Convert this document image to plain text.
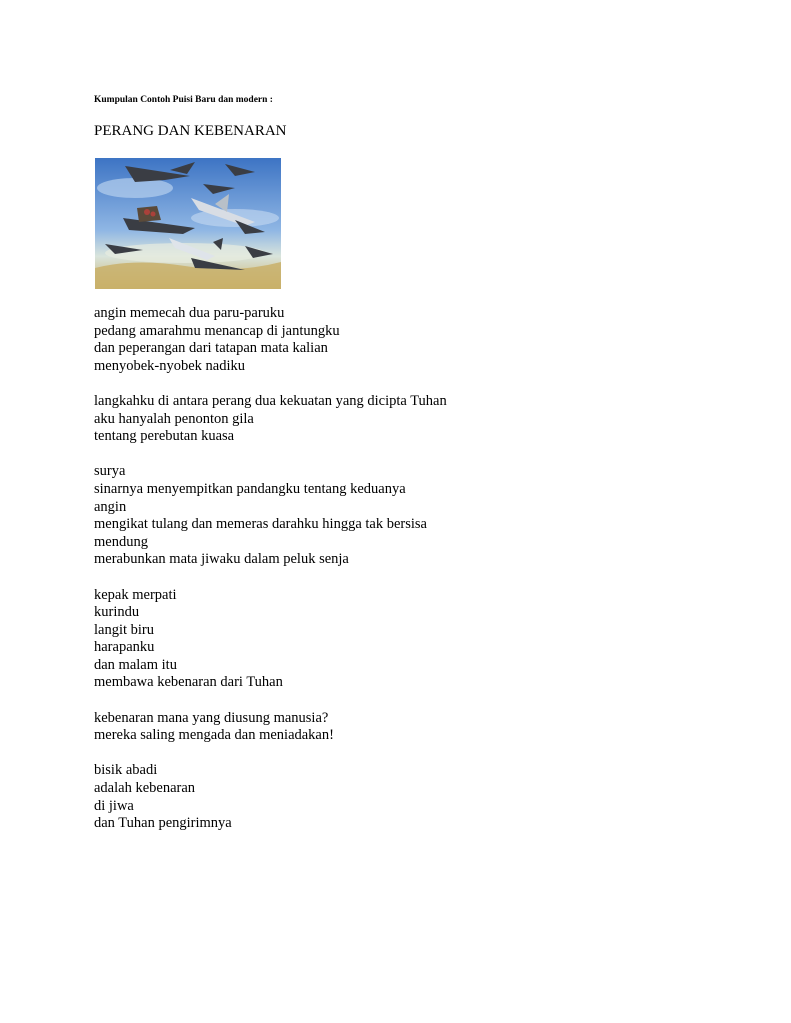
Kumpulan Contoh Puisi Baru dan modern :
PERANG DAN KEBENARAN
angin memecah dua paru-paruku
pedang amarahmu menancap di jantungku
dan peperangan dari tatapan mata kalian
menyobek-nyobek nadiku
langkahku di antara perang dua kekuatan yang dicipta Tuhan
aku hanyalah penonton gila
tentang perebutan kuasa
surya
sinarnya menyempitkan pandangku tentang keduanya
angin
mengikat tulang dan memeras darahku hingga tak bersisa
mendung
merabunkan mata jiwaku dalam peluk senja
kepak merpati
kurindu
langit biru
harapanku
dan malam itu
membawa kebenaran dari Tuhan
kebenaran mana yang diusung manusia?
mereka saling mengada dan meniadakan!
bisik abadi
adalah kebenaran
di jiwa
dan Tuhan pengirimnya
